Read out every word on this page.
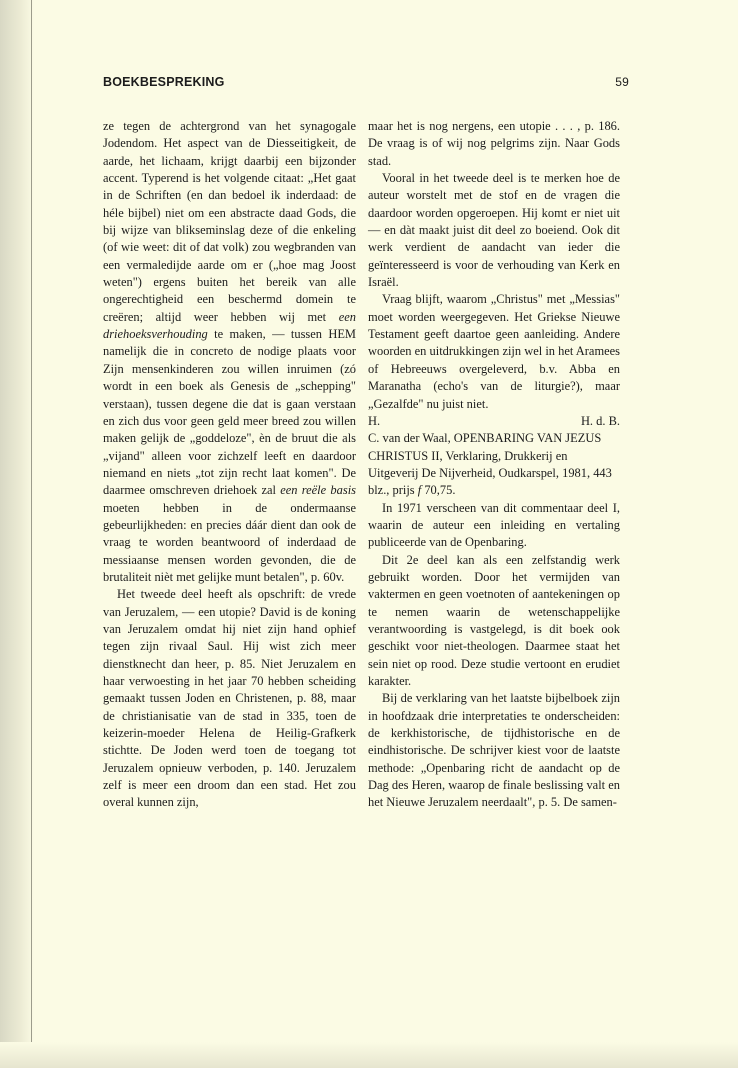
BOEKBESPREKING	59

ze tegen de achtergrond van het synagogale Jodendom. Het aspect van de Diesseitigkeit, de aarde, het lichaam, krijgt daarbij een bijzonder accent. Typerend is het volgende citaat: „Het gaat in de Schriften (en dan bedoel ik inderdaad: de héle bijbel) niet om een abstracte daad Gods, die bij wijze van blikseminslag deze of die enkeling (of wie weet: dit of dat volk) zou wegbranden van een vermaledijde aarde om er („hoe mag Joost weten") ergens buiten het bereik van alle ongerechtigheid een beschermd domein te creëren; altijd weer hebben wij met een driehoeksverhouding te maken, — tussen HEM namelijk die in concreto de nodige plaats voor Zijn mensenkinderen zou willen inruimen (zó wordt in een boek als Genesis de „schepping" verstaan), tussen degene die dat is gaan verstaan en zich dus voor geen geld meer breed zou willen maken gelijk de „goddeloze", èn de bruut die als „vijand" alleen voor zichzelf leeft en daardoor niemand en niets „tot zijn recht laat komen". De daarmee omschreven driehoek zal een reële basis moeten hebben in de ondermaanse gebeurlijkheden: en precies dáár dient dan ook de vraag te worden beantwoord of inderdaad de messiaanse mensen worden gevonden, die de brutaliteit nièt met gelijke munt betalen", p. 60v.

Het tweede deel heeft als opschrift: de vrede van Jeruzalem, — een utopie? David is de koning van Jeruzalem omdat hij niet zijn hand ophief tegen zijn rivaal Saul. Hij wist zich meer dienstknecht dan heer, p. 85. Niet Jeruzalem en haar verwoesting in het jaar 70 hebben scheiding gemaakt tussen Joden en Christenen, p. 88, maar de christianisatie van de stad in 335, toen de keizerin-moeder Helena de Heilig-Grafkerk stichtte. De Joden werd toen de toegang tot Jeruzalem opnieuw verboden, p. 140. Jeruzalem zelf is meer een droom dan een stad. Het zou overal kunnen zijn,

maar het is nog nergens, een utopie . . . , p. 186. De vraag is of wij nog pelgrims zijn. Naar Gods stad.

Vooral in het tweede deel is te merken hoe de auteur worstelt met de stof en de vragen die daardoor worden opgeroepen. Hij komt er niet uit — en dàt maakt juist dit deel zo boeiend. Ook dit werk verdient de aandacht van ieder die geïnteresseerd is voor de verhouding van Kerk en Israël.

Vraag blijft, waarom „Christus" met „Messias" moet worden weergegeven. Het Griekse Nieuwe Testament geeft daartoe geen aanleiding. Andere woorden en uitdrukkingen zijn wel in het Aramees of Hebreeuws overgeleverd, b.v. Abba en Maranatha (echo's van de liturgie?), maar „Gezalfde" nu juist niet.

H.	H. d. B.

C. van der Waal, OPENBARING VAN JEZUS CHRISTUS II, Verklaring, Drukkerij en Uitgeverij De Nijverheid, Oudkarspel, 1981, 443 blz., prijs f 70,75.

In 1971 verscheen van dit commentaar deel I, waarin de auteur een inleiding en vertaling publiceerde van de Openbaring.

Dit 2e deel kan als een zelfstandig werk gebruikt worden. Door het vermijden van vaktermen en geen voetnoten of aantekeningen op te nemen waarin de wetenschappelijke verantwoording is vastgelegd, is dit boek ook geschikt voor niet-theologen. Daarmee staat het sein niet op rood. Deze studie vertoont en erudiet karakter.

Bij de verklaring van het laatste bijbelboek zijn in hoofdzaak drie interpretaties te onderscheiden: de kerkhistorische, de tijdhistorische en de eindhistorische. De schrijver kiest voor de laatste methode: „Openbaring richt de aandacht op de Dag des Heren, waarop de finale beslissing valt en het Nieuwe Jeruzalem neerdaalt", p. 5. De samen-
